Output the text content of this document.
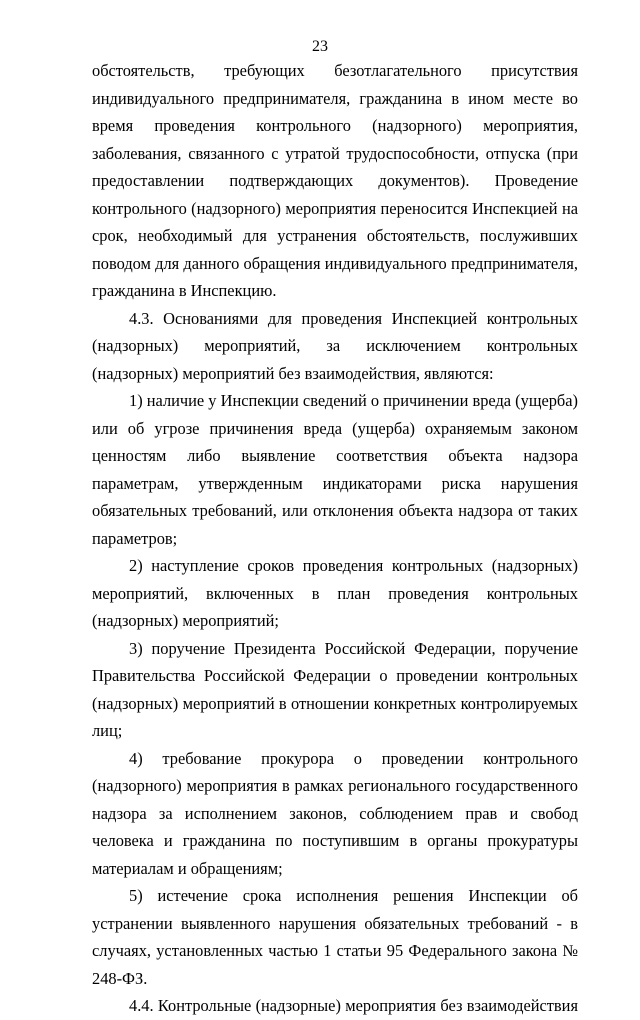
23

обстоятельств, требующих безотлагательного присутствия индивидуального предпринимателя, гражданина в ином месте во время проведения контрольного (надзорного) мероприятия, заболевания, связанного с утратой трудоспособности, отпуска (при предоставлении подтверждающих документов). Проведение контрольного (надзорного) мероприятия переносится Инспекцией на срок, необходимый для устранения обстоятельств, послуживших поводом для данного обращения индивидуального предпринимателя, гражданина в Инспекцию.

4.3. Основаниями для проведения Инспекцией контрольных (надзорных) мероприятий, за исключением контрольных (надзорных) мероприятий без взаимодействия, являются:

1) наличие у Инспекции сведений о причинении вреда (ущерба) или об угрозе причинения вреда (ущерба) охраняемым законом ценностям либо выявление соответствия объекта надзора параметрам, утвержденным индикаторами риска нарушения обязательных требований, или отклонения объекта надзора от таких параметров;

2) наступление сроков проведения контрольных (надзорных) мероприятий, включенных в план проведения контрольных (надзорных) мероприятий;

3) поручение Президента Российской Федерации, поручение Правительства Российской Федерации о проведении контрольных (надзорных) мероприятий в отношении конкретных контролируемых лиц;

4) требование прокурора о проведении контрольного (надзорного) мероприятия в рамках регионального государственного надзора за исполнением законов, соблюдением прав и свобод человека и гражданина по поступившим в органы прокуратуры материалам и обращениям;

5) истечение срока исполнения решения Инспекции об устранении выявленного нарушения обязательных требований - в случаях, установленных частью 1 статьи 95 Федерального закона № 248-ФЗ.

4.4. Контрольные (надзорные) мероприятия без взаимодействия
